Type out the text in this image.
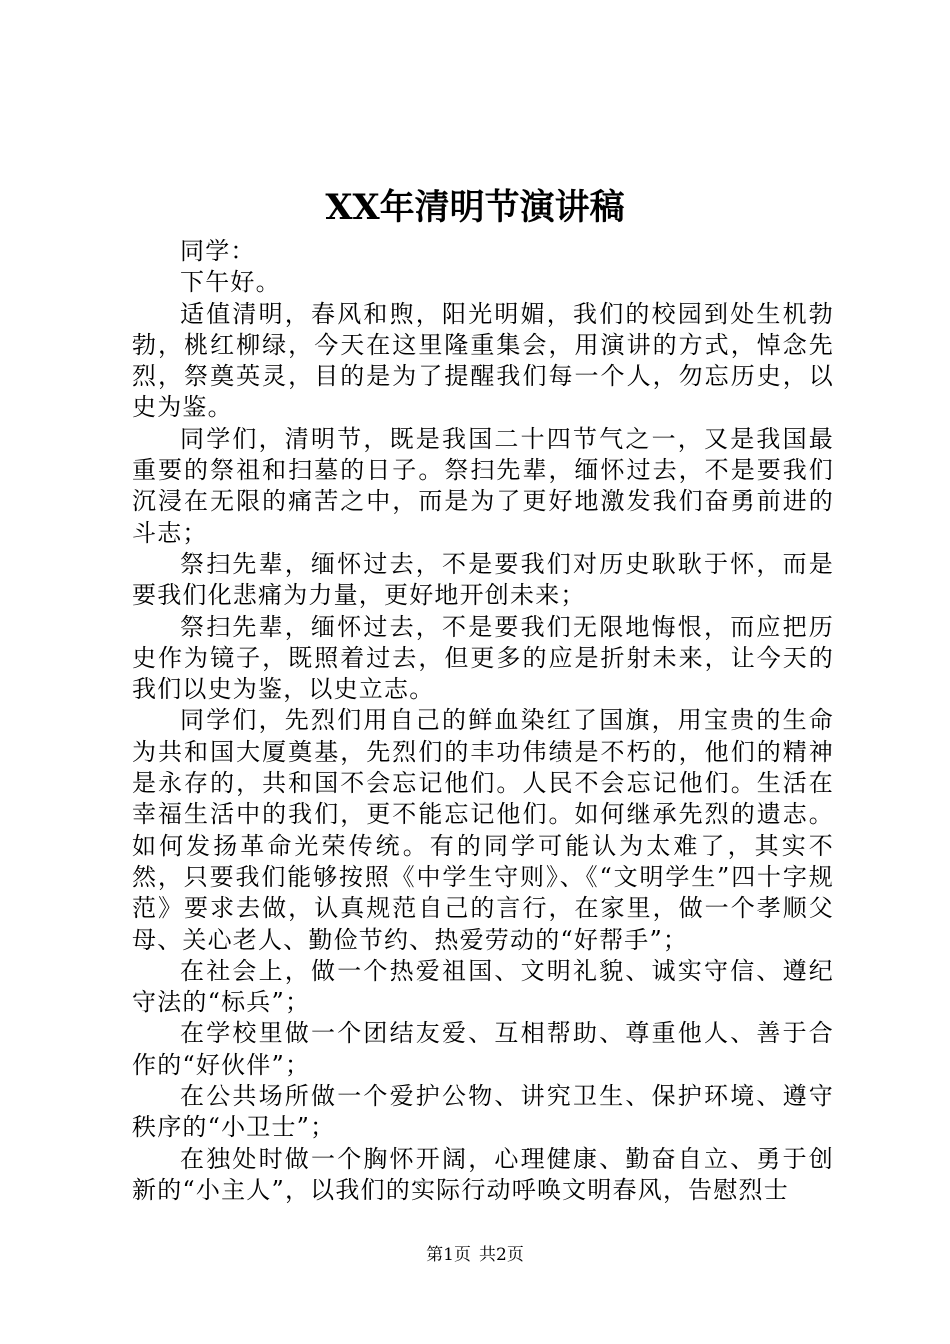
XX年清明节演讲稿

同学：

下午好。

适值清明，春风和煦，阳光明媚，我们的校园到处生机勃勃，桃红柳绿，今天在这里隆重集会，用演讲的方式，悼念先烈，祭奠英灵，目的是为了提醒我们每一个人，勿忘历史，以史为鉴。

同学们，清明节，既是我国二十四节气之一，又是我国最重要的祭祖和扫墓的日子。祭扫先辈，缅怀过去，不是要我们沉浸在无限的痛苦之中，而是为了更好地激发我们奋勇前进的斗志；

祭扫先辈，缅怀过去，不是要我们对历史耿耿于怀，而是要我们化悲痛为力量，更好地开创未来；

祭扫先辈，缅怀过去，不是要我们无限地悔恨，而应把历史作为镜子，既照着过去，但更多的应是折射未来，让今天的我们以史为鉴，以史立志。

同学们，先烈们用自己的鲜血染红了国旗，用宝贵的生命为共和国大厦奠基，先烈们的丰功伟绩是不朽的，他们的精神是永存的，共和国不会忘记他们。人民不会忘记他们。生活在幸福生活中的我们，更不能忘记他们。如何继承先烈的遗志。如何发扬革命光荣传统。有的同学可能认为太难了，其实不然，只要我们能够按照《中学生守则》、《“文明学生”四十字规范》要求去做，认真规范自己的言行，在家里，做一个孝顺父母、关心老人、勤俭节约、热爱劳动的“好帮手”；

在社会上，做一个热爱祖国、文明礼貌、诚实守信、遵纪守法的“标兵”；

在学校里做一个团结友爱、互相帮助、尊重他人、善于合作的“好伙伴”；

在公共场所做一个爱护公物、讲究卫生、保护环境、遵守秩序的“小卫士”；

在独处时做一个胸怀开阔，心理健康、勤奋自立、勇于创新的“小主人”，以我们的实际行动呼唤文明春风，告慰烈士

第1页 共2页
